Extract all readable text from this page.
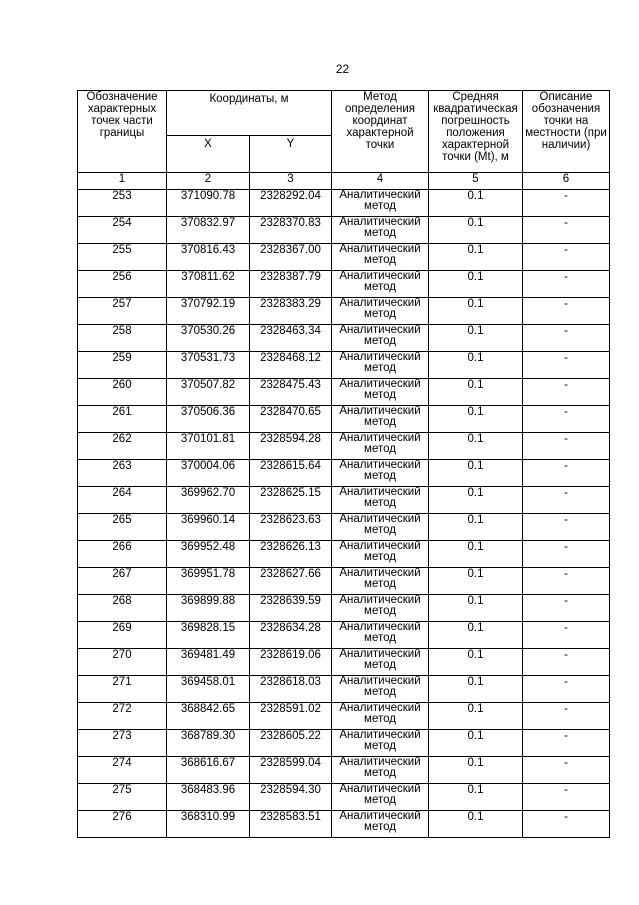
22
Обозначение характерных точек части границы	Координаты, м		Метод определения координат характерной точки	Средняя квадратическая погрешность положения характерной точки (Mt), м	Описание обозначения точки на местности (при наличии)
	X	Y			
1	2	3	4	5	6
253	371090.78	2328292.04	Аналитический метод	0.1	-
254	370832.97	2328370.83	Аналитический метод	0.1	-
255	370816.43	2328367.00	Аналитический метод	0.1	-
256	370811.62	2328387.79	Аналитический метод	0.1	-
257	370792.19	2328383.29	Аналитический метод	0.1	-
258	370530.26	2328463.34	Аналитический метод	0.1	-
259	370531.73	2328468.12	Аналитический метод	0.1	-
260	370507.82	2328475.43	Аналитический метод	0.1	-
261	370506.36	2328470.65	Аналитический метод	0.1	-
262	370101.81	2328594.28	Аналитический метод	0.1	-
263	370004.06	2328615.64	Аналитический метод	0.1	-
264	369962.70	2328625.15	Аналитический метод	0.1	-
265	369960.14	2328623.63	Аналитический метод	0.1	-
266	369952.48	2328626.13	Аналитический метод	0.1	-
267	369951.78	2328627.66	Аналитический метод	0.1	-
268	369899.88	2328639.59	Аналитический метод	0.1	-
269	369828.15	2328634.28	Аналитический метод	0.1	-
270	369481.49	2328619.06	Аналитический метод	0.1	-
271	369458.01	2328618.03	Аналитический метод	0.1	-
272	368842.65	2328591.02	Аналитический метод	0.1	-
273	368789.30	2328605.22	Аналитический метод	0.1	-
274	368616.67	2328599.04	Аналитический метод	0.1	-
275	368483.96	2328594.30	Аналитический метод	0.1	-
276	368310.99	2328583.51	Аналитический метод	0.1	-
